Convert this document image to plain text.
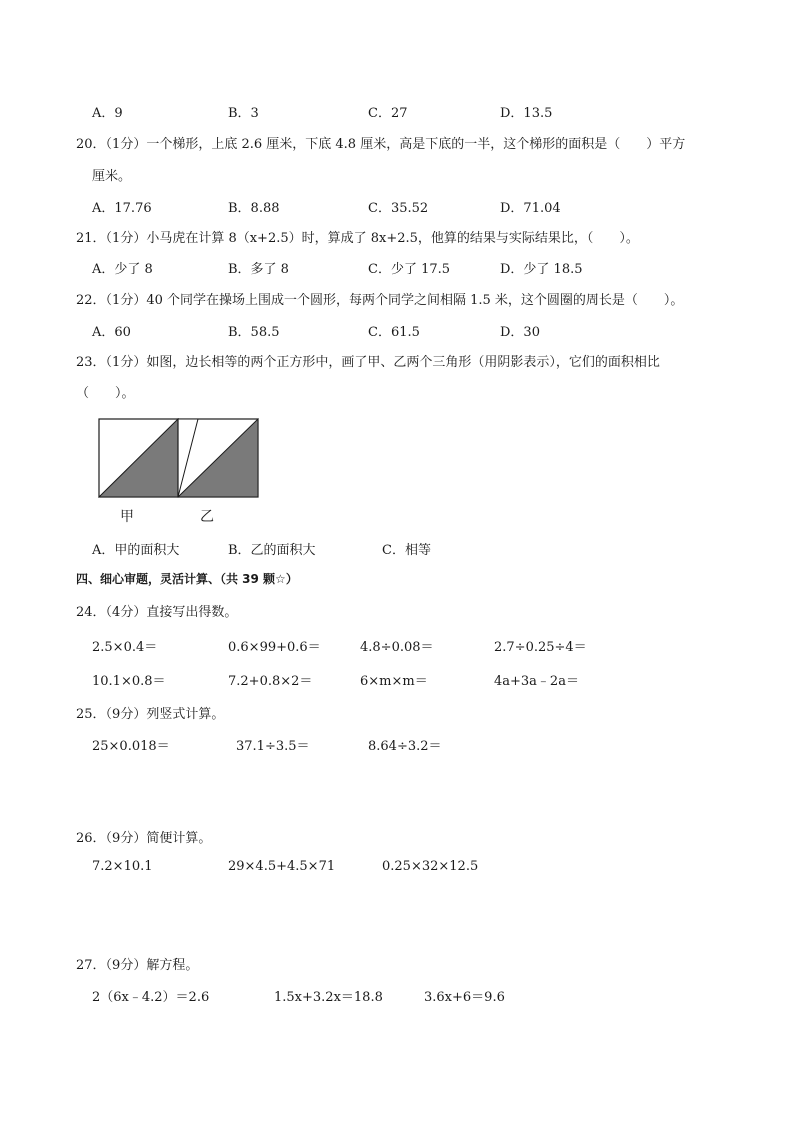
A．9	B．3	C．27	D．13.5
20．（1分）一个梯形，上底 2.6 厘米，下底 4.8 厘米，高是下底的一半，这个梯形的面积是（　　）平方
厘米。
A．17.76	B．8.88	C．35.52	D．71.04
21．（1分）小马虎在计算 8（x+2.5）时，算成了 8x+2.5，他算的结果与实际结果比，（　　）。
A．少了 8	B．多了 8	C．少了 17.5	D．少了 18.5
22．（1分）40 个同学在操场上围成一个圆形，每两个同学之间相隔 1.5 米，这个圆圈的周长是（　　）。
A．60	B．58.5	C．61.5	D．30
23．（1分）如图，边长相等的两个正方形中，画了甲、乙两个三角形（用阴影表示），它们的面积相比
（　　）。
甲	乙
A．甲的面积大	B．乙的面积大	C．相等
四、细心审题，灵活计算、（共 39 颗☆）
24．（4分）直接写出得数。
2.5×0.4＝	0.6×99+0.6＝	4.8÷0.08＝	2.7÷0.25÷4＝
10.1×0.8＝	7.2+0.8×2＝	6×m×m＝	4a+3a﹣2a＝
25．（9分）列竖式计算。
25×0.018＝	37.1÷3.5＝	8.64÷3.2＝
26．（9分）简便计算。
7.2×10.1	29×4.5+4.5×71	0.25×32×12.5
27．（9分）解方程。
2（6x﹣4.2）＝2.6	1.5x+3.2x＝18.8	3.6x+6＝9.6
